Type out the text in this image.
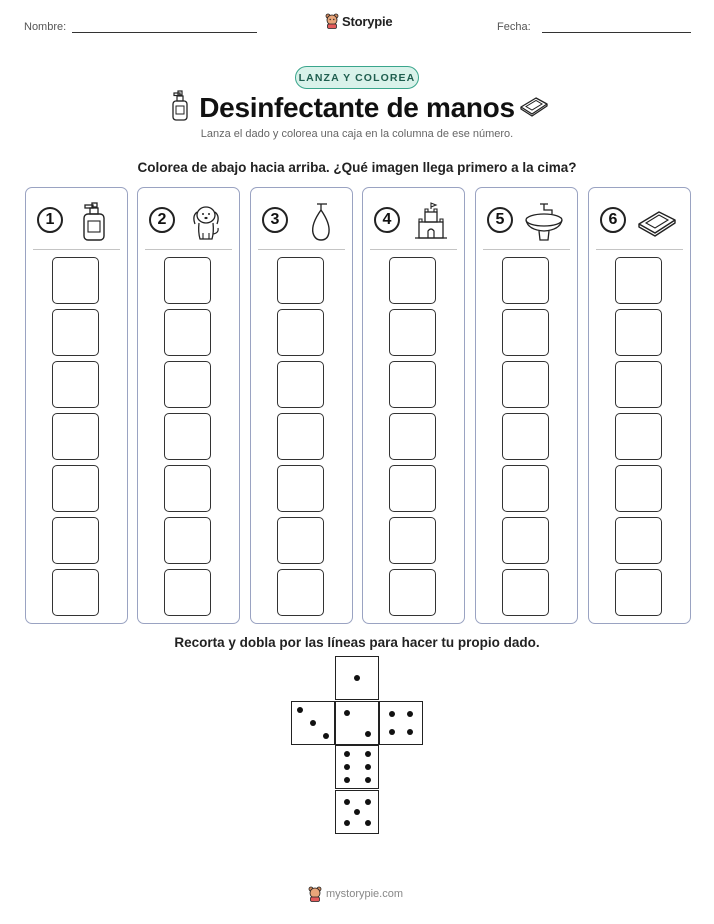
Nombre:	Fecha:
Storypie
LANZA Y COLOREA
Desinfectante de manos
Lanza el dado y colorea una caja en la columna de ese número.
Colorea de abajo hacia arriba. ¿Qué imagen llega primero a la cima?
1	2	3	4	5	6
Recorta y dobla por las líneas para hacer tu propio dado.
mystorypie.com
